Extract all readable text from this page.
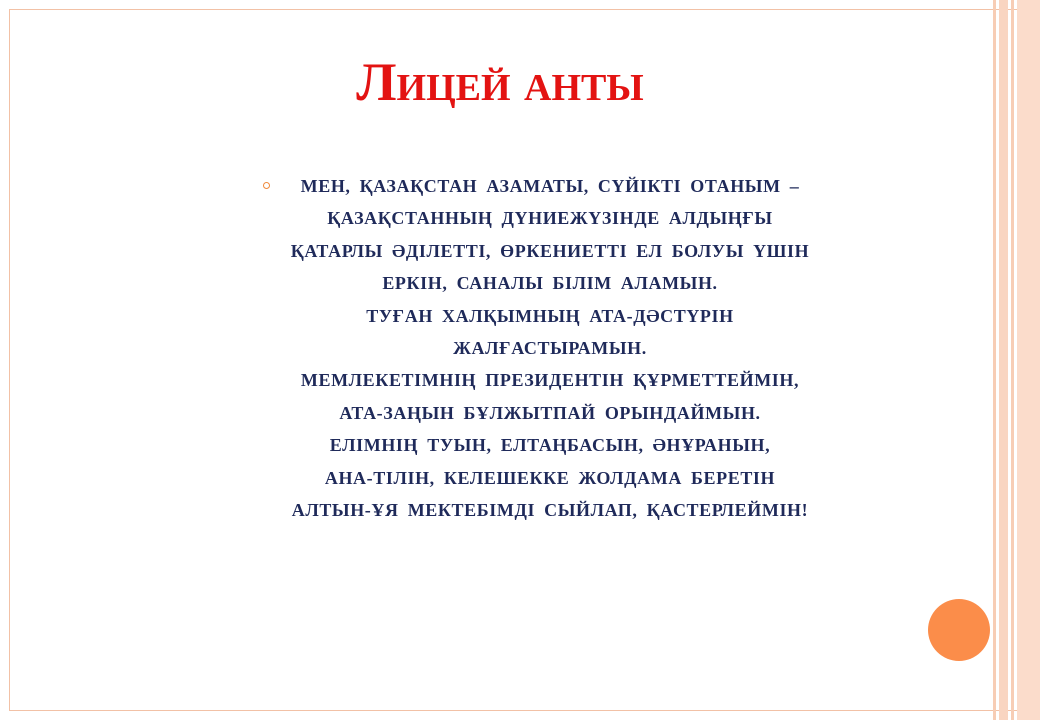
Лицей анты
МЕН, ҚАЗАҚСТАН АЗАМАТЫ, СҮЙІКТІ ОТАНЫМ –
ҚАЗАҚСТАННЫҢ ДҮНИЕЖҮЗІНДЕ АЛДЫҢҒЫ
ҚАТАРЛЫ ӘДІЛЕТТІ, ӨРКЕНИЕТТІ ЕЛ БОЛУЫ ҮШІН
ЕРКІН, САНАЛЫ БІЛІМ АЛАМЫН.
ТУҒАН ХАЛҚЫМНЫҢ АТА-ДӘСТҮРІН
ЖАЛҒАСТЫРАМЫН.
МЕМЛЕКЕТІМНІҢ ПРЕЗИДЕНТІН ҚҰРМЕТТЕЙМІН,
АТА-ЗАҢЫН БҰЛЖЫТПАЙ ОРЫНДАЙМЫН.
ЕЛІМНІҢ ТУЫН, ЕЛТАҢБАСЫН, ӘНҰРАНЫН,
АНА-ТІЛІН, КЕЛЕШЕККЕ ЖОЛДАМА БЕРЕТІН
АЛТЫН-ҰЯ МЕКТЕБІМДІ СЫЙЛАП, ҚАСТЕРЛЕЙМІН!
